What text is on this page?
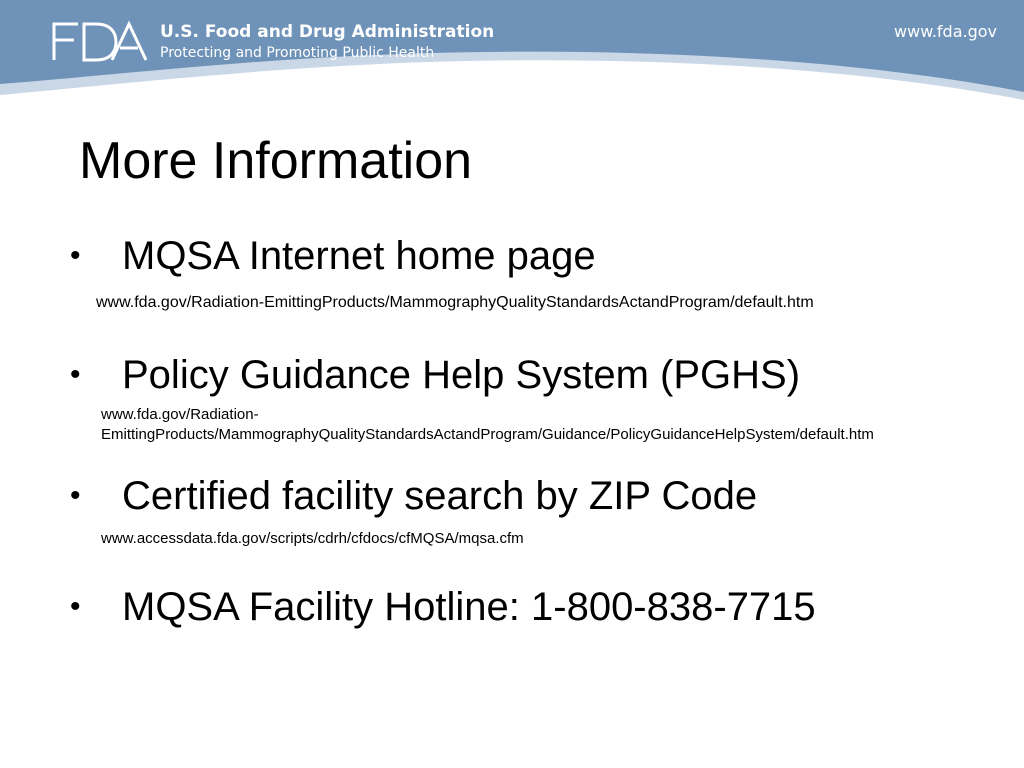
U.S. Food and Drug Administration
Protecting and Promoting Public Health
www.fda.gov
More Information
• MQSA Internet home page
www.fda.gov/Radiation-EmittingProducts/MammographyQualityStandardsActandProgram/default.htm
• Policy Guidance Help System (PGHS)
www.fda.gov/Radiation-
EmittingProducts/MammographyQualityStandardsActandProgram/Guidance/PolicyGuidanceHelpSystem/default.htm
• Certified facility search by ZIP Code
www.accessdata.fda.gov/scripts/cdrh/cfdocs/cfMQSA/mqsa.cfm
• MQSA Facility Hotline: 1-800-838-7715
